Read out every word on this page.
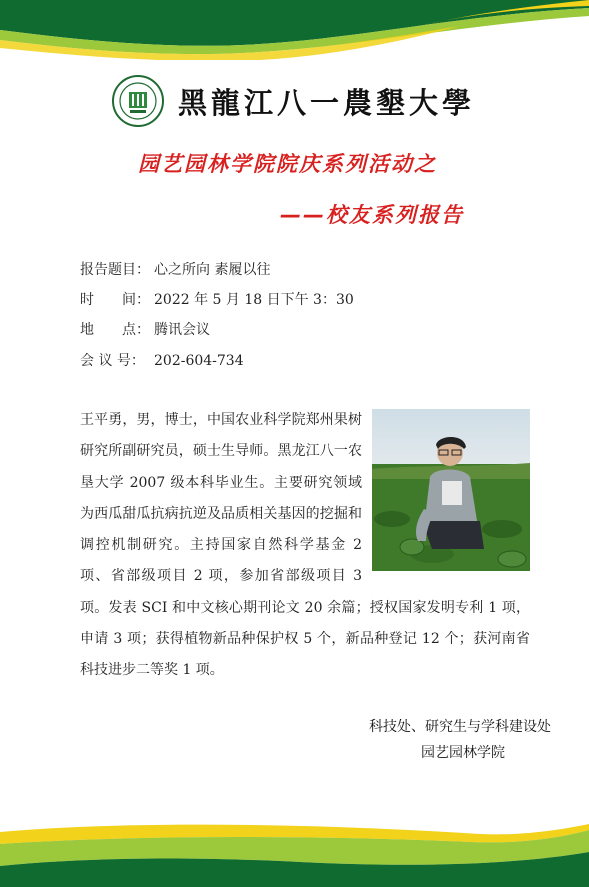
黑龍江八一農墾大學
园艺园林学院院庆系列活动之
——校友系列报告
报告题目： 心之所向 素履以往
时　　间： 2022 年 5 月 18 日下午 3：30
地　　点： 腾讯会议
会 议 号： 202-604-734
王平勇，男，博士，中国农业科学院郑州果树研究所副研究员，硕士生导师。黑龙江八一农垦大学 2007 级本科毕业生。主要研究领域为西瓜甜瓜抗病抗逆及品质相关基因的挖掘和调控机制研究。主持国家自然科学基金 2 项、省部级项目 2 项，参加省部级项目 3 项。发表 SCI 和中文核心期刊论文 20 余篇；授权国家发明专利 1 项，申请 3 项；获得植物新品种保护权 5 个，新品种登记 12 个；获河南省科技进步二等奖 1 项。
科技处、研究生与学科建设处
园艺园林学院
